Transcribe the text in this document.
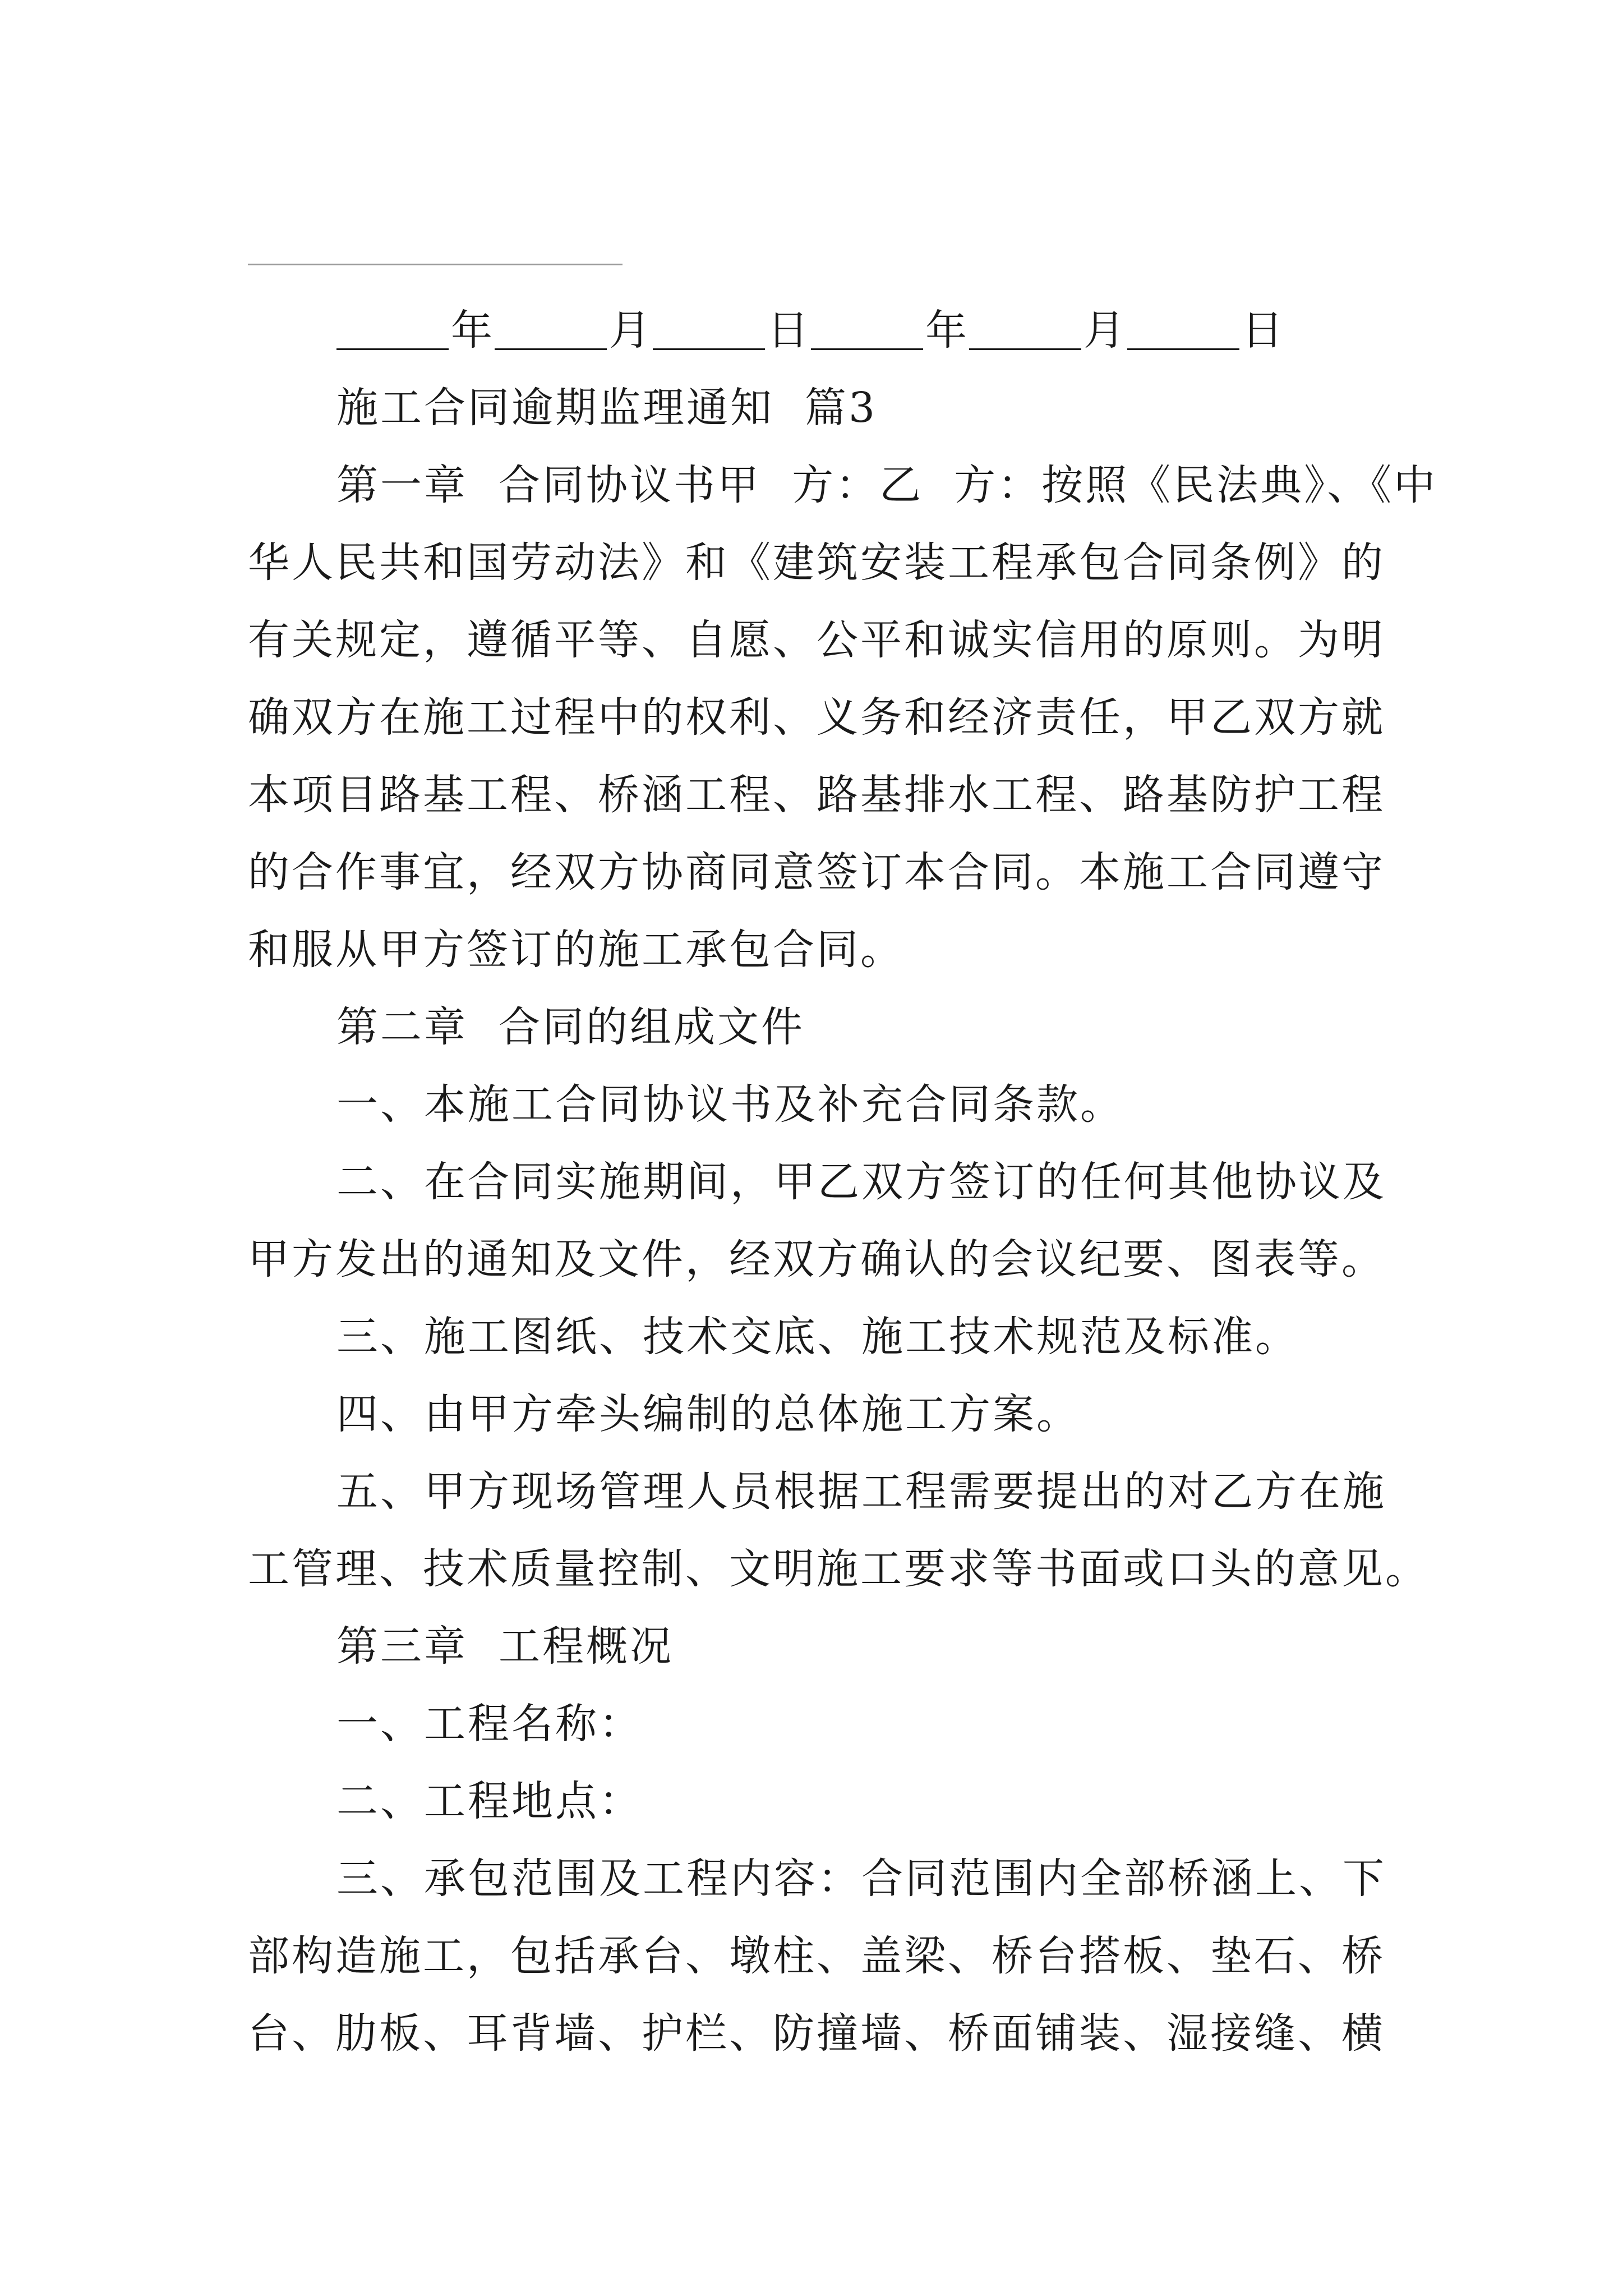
年	月	日	年	月	日
施工合同逾期监理通知  篇3
第一章  合同协议书甲  方：乙  方：按照《民法典》、《中
华人民共和国劳动法》和《建筑安装工程承包合同条例》的
有关规定，遵循平等、自愿、公平和诚实信用的原则。为明
确双方在施工过程中的权利、义务和经济责任，甲乙双方就
本项目路基工程、桥涵工程、路基排水工程、路基防护工程
的合作事宜，经双方协商同意签订本合同。本施工合同遵守
和服从甲方签订的施工承包合同。
第二章  合同的组成文件
一、本施工合同协议书及补充合同条款。
二、在合同实施期间，甲乙双方签订的任何其他协议及
甲方发出的通知及文件，经双方确认的会议纪要、图表等。
三、施工图纸、技术交底、施工技术规范及标准。
四、由甲方牵头编制的总体施工方案。
五、甲方现场管理人员根据工程需要提出的对乙方在施
工管理、技术质量控制、文明施工要求等书面或口头的意见。
第三章  工程概况
一、工程名称：
二、工程地点：
三、承包范围及工程内容：合同范围内全部桥涵上、下
部构造施工，包括承台、墩柱、盖梁、桥台搭板、垫石、桥
台、肋板、耳背墙、护栏、防撞墙、桥面铺装、湿接缝、横
